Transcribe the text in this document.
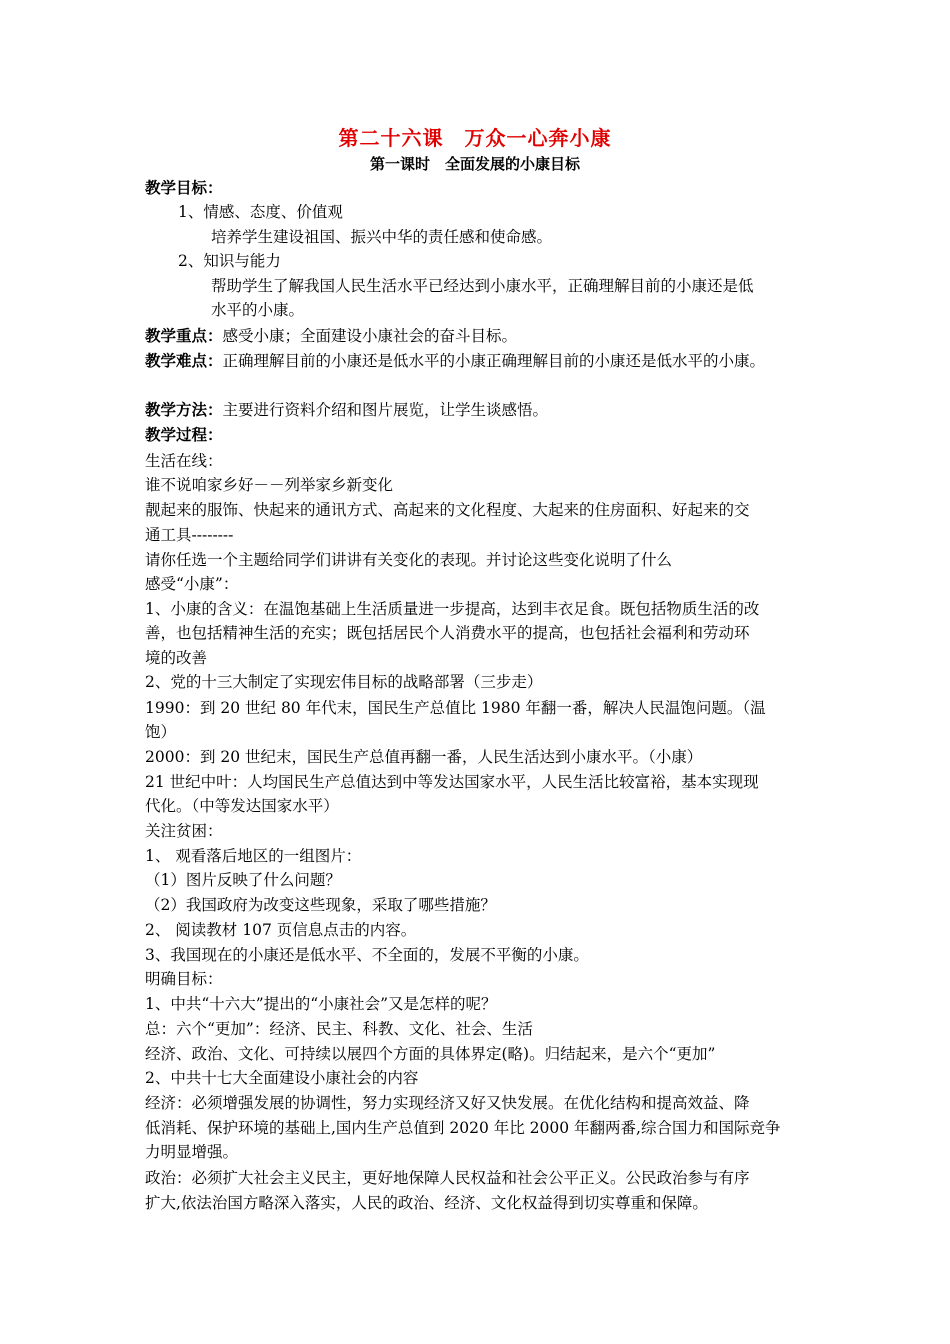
第二十六课　万众一心奔小康
第一课时　全面发展的小康目标
教学目标：
1、情感、态度、价值观
培养学生建设祖国、振兴中华的责任感和使命感。
2、知识与能力
帮助学生了解我国人民生活水平已经达到小康水平，正确理解目前的小康还是低
水平的小康。
教学重点：感受小康；全面建设小康社会的奋斗目标。
教学难点：正确理解目前的小康还是低水平的小康正确理解目前的小康还是低水平的小康。
教学方法：主要进行资料介绍和图片展览，让学生谈感悟。
教学过程：
生活在线：
谁不说咱家乡好－－列举家乡新变化
靓起来的服饰、快起来的通讯方式、高起来的文化程度、大起来的住房面积、好起来的交
通工具--------
请你任选一个主题给同学们讲讲有关变化的表现。并讨论这些变化说明了什么
感受“小康”：
1、小康的含义：在温饱基础上生活质量进一步提高，达到丰衣足食。既包括物质生活的改
善，也包括精神生活的充实；既包括居民个人消费水平的提高，也包括社会福利和劳动环
境的改善
2、党的十三大制定了实现宏伟目标的战略部署（三步走）
1990：到 20 世纪 80 年代末，国民生产总值比 1980 年翻一番，解决人民温饱问题。（温
饱）
2000：到 20 世纪末，国民生产总值再翻一番，人民生活达到小康水平。（小康）
21 世纪中叶：人均国民生产总值达到中等发达国家水平，人民生活比较富裕，基本实现现
代化。（中等发达国家水平）
关注贫困：
1、 观看落后地区的一组图片：
（1）图片反映了什么问题？
（2）我国政府为改变这些现象，采取了哪些措施？
2、 阅读教材 107 页信息点击的内容。
3、我国现在的小康还是低水平、不全面的，发展不平衡的小康。
明确目标：
1、中共“十六大”提出的“小康社会”又是怎样的呢？
总：六个“更加”：经济、民主、科教、文化、社会、生活
经济、政治、文化、可持续以展四个方面的具体界定(略)。归结起来，是六个“更加”
2、中共十七大全面建设小康社会的内容
经济：必须增强发展的协调性，努力实现经济又好又快发展。在优化结构和提高效益、降
低消耗、保护环境的基础上,国内生产总值到 2020 年比 2000 年翻两番,综合国力和国际竞争
力明显增强。
政治：必须扩大社会主义民主，更好地保障人民权益和社会公平正义。公民政治参与有序
扩大,依法治国方略深入落实，人民的政治、经济、文化权益得到切实尊重和保障。
